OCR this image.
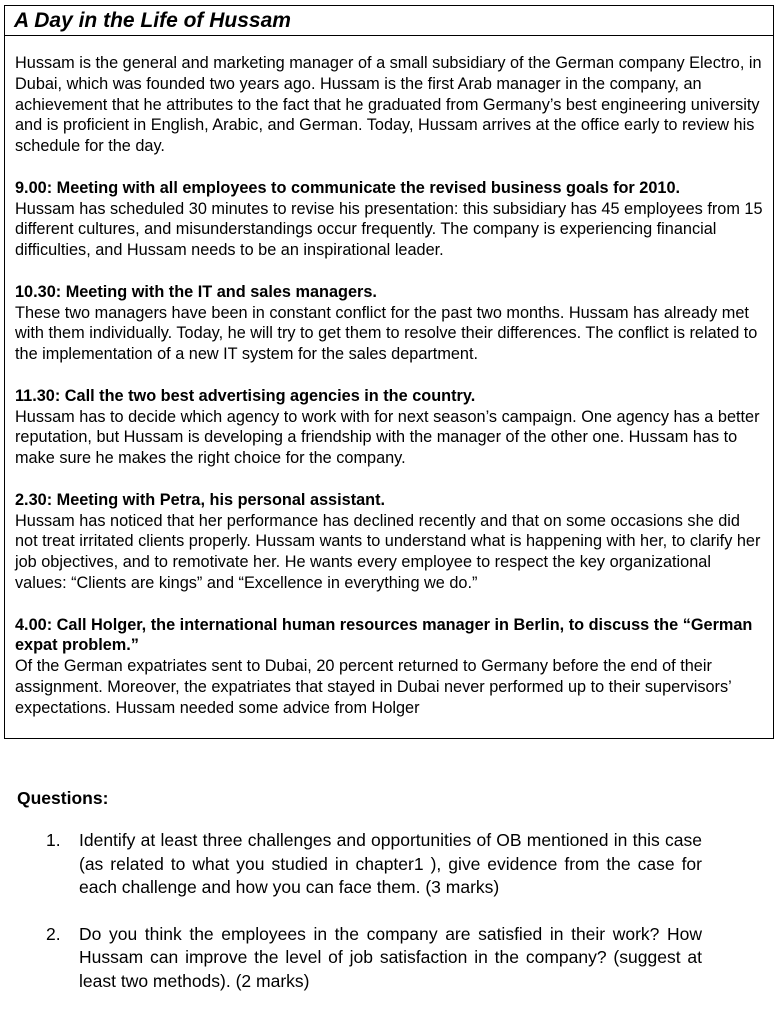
A Day in the Life of Hussam

Hussam is the general and marketing manager of a small subsidiary of the German company Electro, in Dubai, which was founded two years ago. Hussam is the first Arab manager in the company, an achievement that he attributes to the fact that he graduated from Germany’s best engineering university and is proficient in English, Arabic, and German. Today, Hussam arrives at the office early to review his schedule for the day.

9.00: Meeting with all employees to communicate the revised business goals for 2010.

Hussam has scheduled 30 minutes to revise his presentation: this subsidiary has 45 employees from 15 different cultures, and misunderstandings occur frequently. The company is experiencing financial difficulties, and Hussam needs to be an inspirational leader.

10.30: Meeting with the IT and sales managers.

These two managers have been in constant conflict for the past two months. Hussam has already met with them individually. Today, he will try to get them to resolve their differences. The conflict is related to the implementation of a new IT system for the sales department.

11.30: Call the two best advertising agencies in the country.

Hussam has to decide which agency to work with for next season’s campaign. One agency has a better reputation, but Hussam is developing a friendship with the manager of the other one. Hussam has to make sure he makes the right choice for the company.

2.30: Meeting with Petra, his personal assistant.

Hussam has noticed that her performance has declined recently and that on some occasions she did not treat irritated clients properly. Hussam wants to understand what is happening with her, to clarify her job objectives, and to remotivate her. He wants every employee to respect the key organizational values: “Clients are kings” and “Excellence in everything we do.”

4.00: Call Holger, the international human resources manager in Berlin, to discuss the “German expat problem.”

Of the German expatriates sent to Dubai, 20 percent returned to Germany before the end of their assignment. Moreover, the expatriates that stayed in Dubai never performed up to their supervisors’ expectations. Hussam needed some advice from Holger

Questions:

1.	Identify at least three challenges and opportunities of OB mentioned in this case (as related to what you studied in chapter1 ), give evidence from the case for each challenge and how you can face them. (3 marks)
2.	Do you think the employees in the company are satisfied in their work? How Hussam can improve the level of job satisfaction in the company? (suggest at least two methods). (2 marks)
